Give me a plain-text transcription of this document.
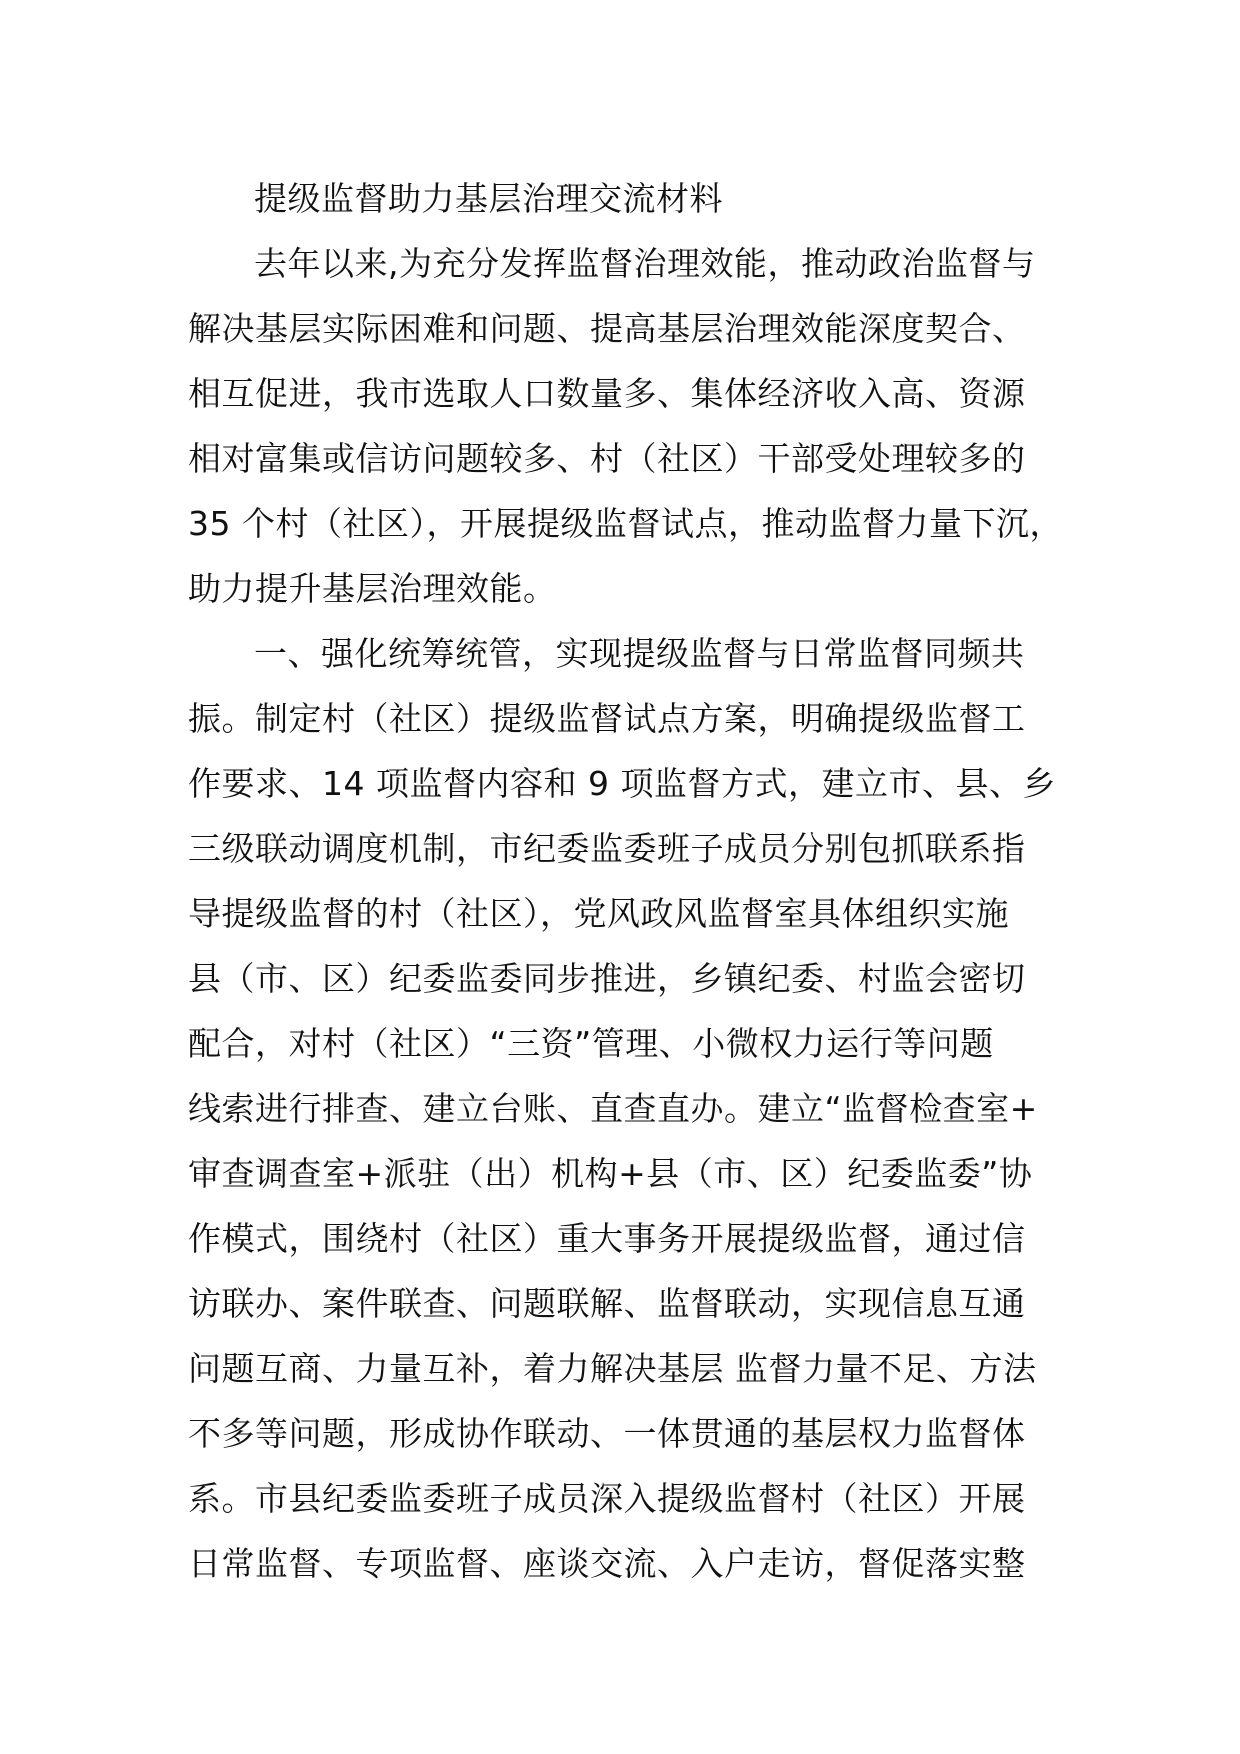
提级监督助力基层治理交流材料
去年以来,为充分发挥监督治理效能，推动政治监督与
解决基层实际困难和问题、提高基层治理效能深度契合、
相互促进，我市选取人口数量多、集体经济收入高、资源
相对富集或信访问题较多、村（社区）干部受处理较多的
35 个村（社区），开展提级监督试点，推动监督力量下沉，
助力提升基层治理效能。
一、强化统筹统管，实现提级监督与日常监督同频共
振。制定村（社区）提级监督试点方案，明确提级监督工
作要求、14 项监督内容和 9 项监督方式，建立市、县、乡
三级联动调度机制，市纪委监委班子成员分别包抓联系指
导提级监督的村（社区），党风政风监督室具体组织实施
县（市、区）纪委监委同步推进，乡镇纪委、村监会密切
配合，对村（社区）“三资”管理、小微权力运行等问题
线索进行排查、建立台账、直查直办。建立“监督检查室+
审查调查室+派驻（出）机构+县（市、区）纪委监委”协
作模式，围绕村（社区）重大事务开展提级监督，通过信
访联办、案件联查、问题联解、监督联动，实现信息互通
问题互商、力量互补，着力解决基层 监督力量不足、方法
不多等问题，形成协作联动、一体贯通的基层权力监督体
系。市县纪委监委班子成员深入提级监督村（社区）开展
日常监督、专项监督、座谈交流、入户走访，督促落实整
